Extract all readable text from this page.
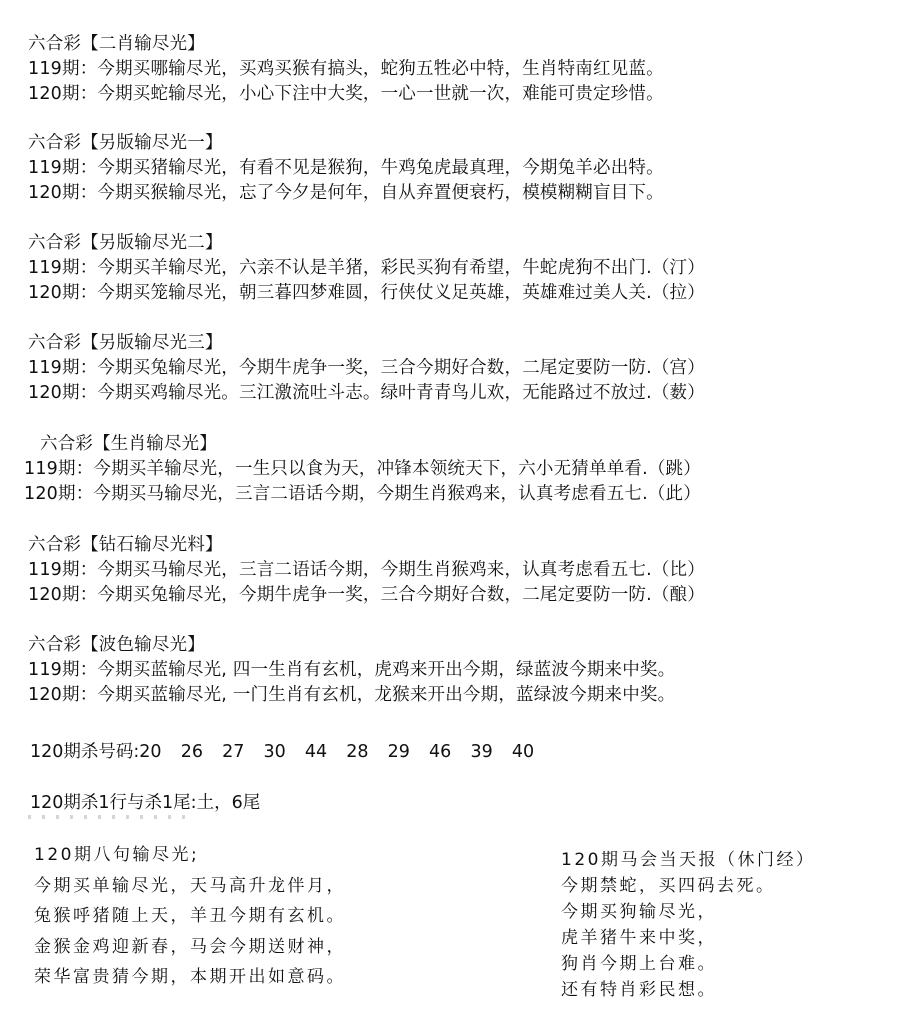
六合彩【二肖输尽光】
119期：今期买哪输尽光，买鸡买猴有搞头，蛇狗五牲必中特，生肖特南红见蓝。
120期：今期买蛇输尽光，小心下注中大奖，一心一世就一次，难能可贵定珍惜。
六合彩【另版输尽光一】
119期：今期买猪输尽光，有看不见是猴狗，牛鸡兔虎最真理，今期兔羊必出特。
120期：今期买猴输尽光，忘了今夕是何年，自从弃置便衰朽，模模糊糊盲目下。
六合彩【另版输尽光二】
119期：今期买羊输尽光，六亲不认是羊猪，彩民买狗有希望，牛蛇虎狗不出门.（汀）
120期：今期买笼输尽光，朝三暮四梦难圆，行侠仗义足英雄，英雄难过美人关.（拉）
六合彩【另版输尽光三】
119期：今期买兔输尽光，今期牛虎争一奖，三合今期好合数，二尾定要防一防.（宫）
120期：今期买鸡输尽光。三江激流吐斗志。绿叶青青鸟儿欢，无能路过不放过.（薮）
六合彩【生肖输尽光】
119期：今期买羊输尽光，一生只以食为天，冲锋本领统天下，六小无猜单单看.（跳）
120期：今期买马输尽光，三言二语话今期，今期生肖猴鸡来，认真考虑看五七.（此）
六合彩【钻石输尽光料】
119期：今期买马输尽光，三言二语话今期，今期生肖猴鸡来，认真考虑看五七.（比）
120期：今期买兔输尽光，今期牛虎争一奖，三合今期好合数，二尾定要防一防.（酿）
六合彩【波色输尽光】
119期：今期买蓝输尽光, 四一生肖有玄机，虎鸡来开出今期，绿蓝波今期来中奖。
120期：今期买蓝输尽光, 一门生肖有玄机，龙猴来开出今期，蓝绿波今期来中奖。
120期杀号码:20  26  27  30  44  28  29  46  39  40
120期杀1行与杀1尾:土，6尾
120期八句输尽光;
今期买单输尽光，天马高升龙伴月，
兔猴呼猪随上天，羊丑今期有玄机。
金猴金鸡迎新春，马会今期送财神，
荣华富贵猜今期，本期开出如意码。
120期马会当天报（休门经）
今期禁蛇，买四码去死。
今期买狗输尽光，
虎羊猪牛来中奖，
狗肖今期上台难。
还有特肖彩民想。
